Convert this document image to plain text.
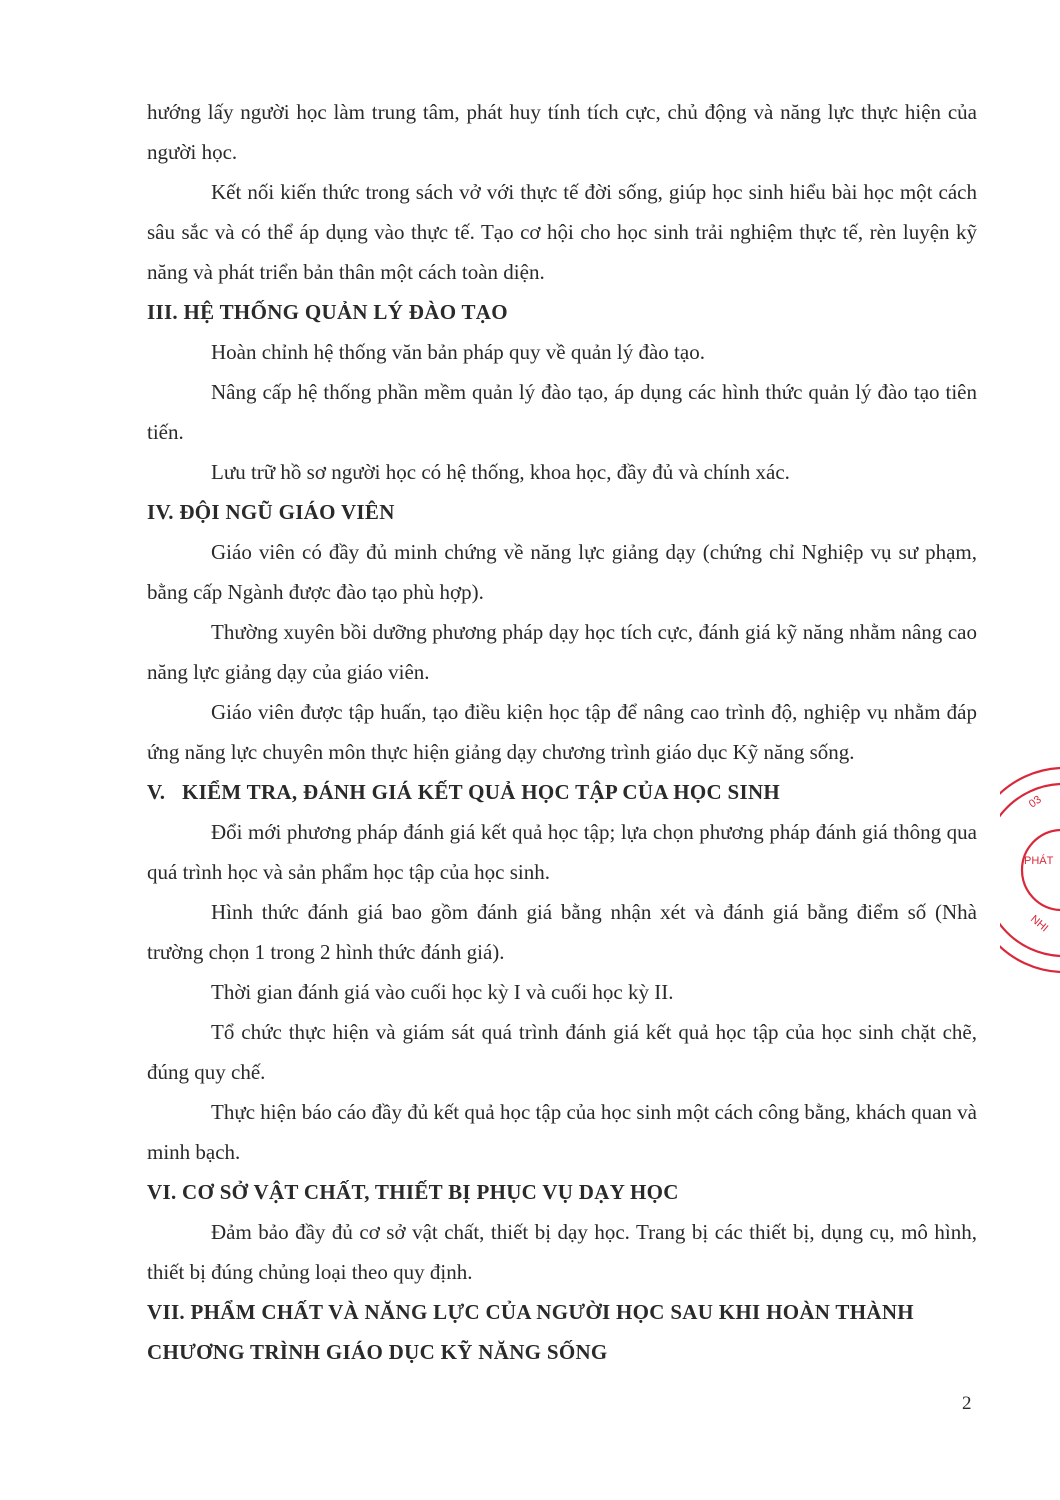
hướng lấy người học làm trung tâm, phát huy tính tích cực, chủ động và năng lực thực hiện của người học.

Kết nối kiến thức trong sách vở với thực tế đời sống, giúp học sinh hiểu bài học một cách sâu sắc và có thể áp dụng vào thực tế. Tạo cơ hội cho học sinh trải nghiệm thực tế, rèn luyện kỹ năng và phát triển bản thân một cách toàn diện.

III. HỆ THỐNG QUẢN LÝ ĐÀO TẠO

Hoàn chỉnh hệ thống văn bản pháp quy về quản lý đào tạo.

Nâng cấp hệ thống phần mềm quản lý đào tạo, áp dụng các hình thức quản lý đào tạo tiên tiến.

Lưu trữ hồ sơ người học có hệ thống, khoa học, đầy đủ và chính xác.

IV. ĐỘI NGŨ GIÁO VIÊN

Giáo viên có đầy đủ minh chứng về năng lực giảng dạy (chứng chỉ Nghiệp vụ sư phạm, bằng cấp Ngành được đào tạo phù hợp).

Thường xuyên bồi dưỡng phương pháp dạy học tích cực, đánh giá kỹ năng nhằm nâng cao năng lực giảng dạy của giáo viên.

Giáo viên được tập huấn, tạo điều kiện học tập để nâng cao trình độ, nghiệp vụ nhằm đáp ứng năng lực chuyên môn thực hiện giảng dạy chương trình giáo dục Kỹ năng sống.

V.   KIỂM TRA, ĐÁNH GIÁ KẾT QUẢ HỌC TẬP CỦA HỌC SINH

Đổi mới phương pháp đánh giá kết quả học tập; lựa chọn phương pháp đánh giá thông qua quá trình học và sản phẩm học tập của học sinh.

Hình thức đánh giá bao gồm đánh giá bằng nhận xét và đánh giá bằng điểm số (Nhà trường chọn 1 trong 2 hình thức đánh giá).

Thời gian đánh giá vào cuối học kỳ I và cuối học kỳ II.

Tổ chức thực hiện và giám sát quá trình đánh giá kết quả học tập của học sinh chặt chẽ, đúng quy chế.

Thực hiện báo cáo đầy đủ kết quả học tập của học sinh một cách công bằng, khách quan và minh bạch.

VI. CƠ SỞ VẬT CHẤT, THIẾT BỊ PHỤC VỤ DẠY HỌC

Đảm bảo đầy đủ cơ sở vật chất, thiết bị dạy học. Trang bị các thiết bị, dụng cụ, mô hình, thiết bị đúng chủng loại theo quy định.

VII. PHẨM CHẤT VÀ NĂNG LỰC CỦA NGƯỜI HỌC SAU KHI HOÀN THÀNH CHƯƠNG TRÌNH GIÁO DỤC KỸ NĂNG SỐNG
2
03
PHÁT
NHI
